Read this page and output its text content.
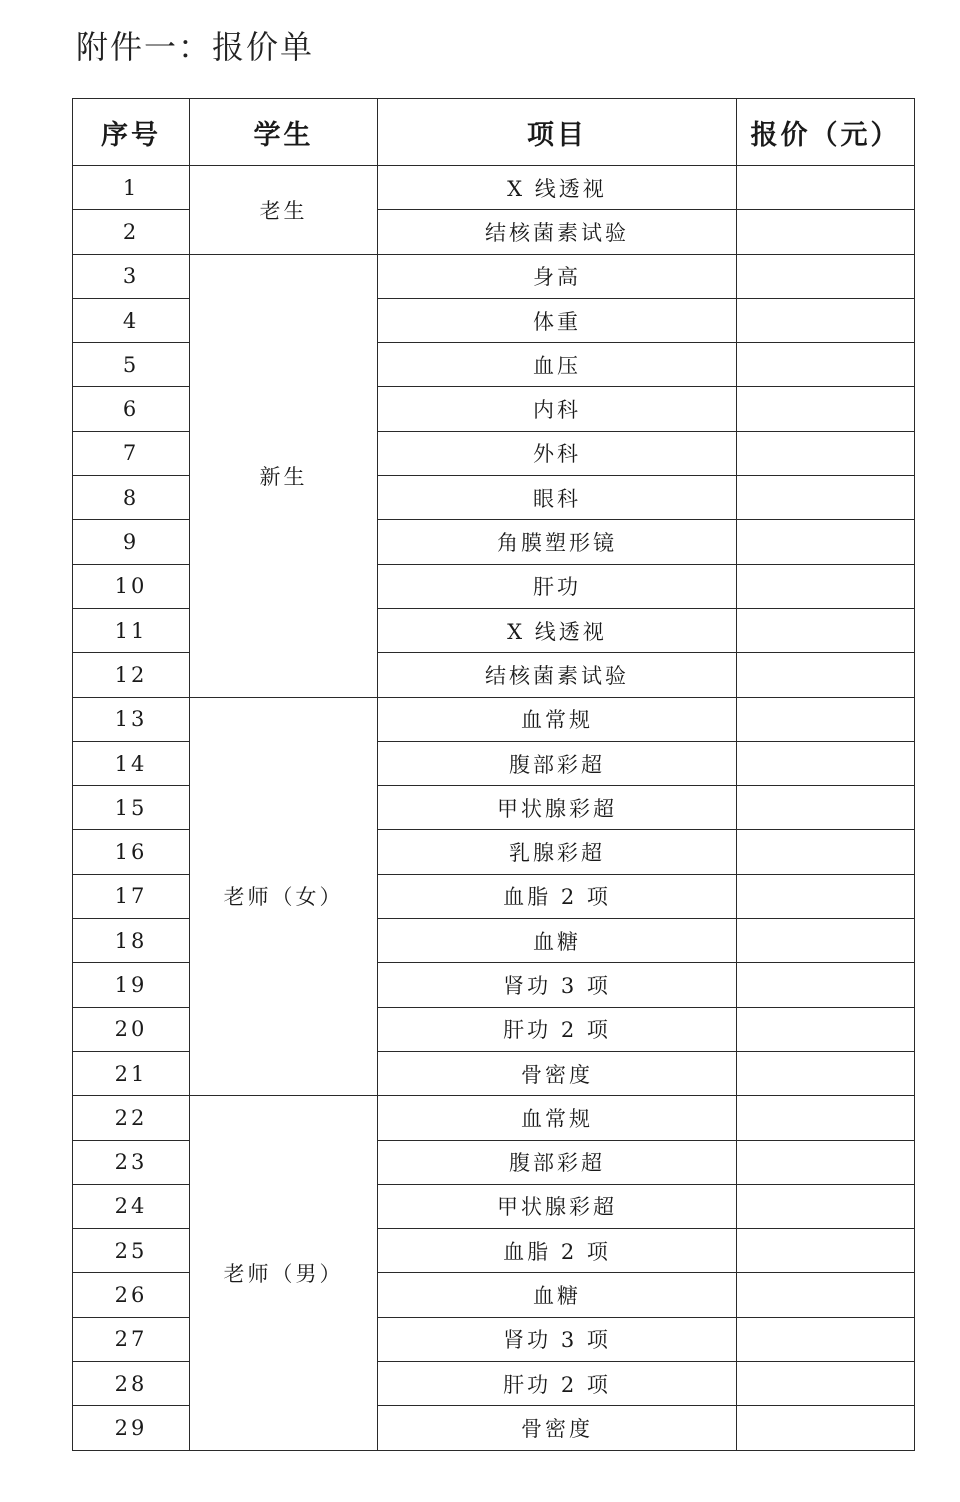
附件一：报价单
序号	学生	项目	报价（元）
1	老生	X 线透视	
2		结核菌素试验	
3	新生	身高	
4		体重	
5		血压	
6		内科	
7		外科	
8		眼科	
9		角膜塑形镜	
10		肝功	
11		X 线透视	
12		结核菌素试验	
13	老师（女）	血常规	
14		腹部彩超	
15		甲状腺彩超	
16		乳腺彩超	
17		血脂 2 项	
18		血糖	
19		肾功 3 项	
20		肝功 2 项	
21		骨密度	
22	老师（男）	血常规	
23		腹部彩超	
24		甲状腺彩超	
25		血脂 2 项	
26		血糖	
27		肾功 3 项	
28		肝功 2 项	
29		骨密度	
